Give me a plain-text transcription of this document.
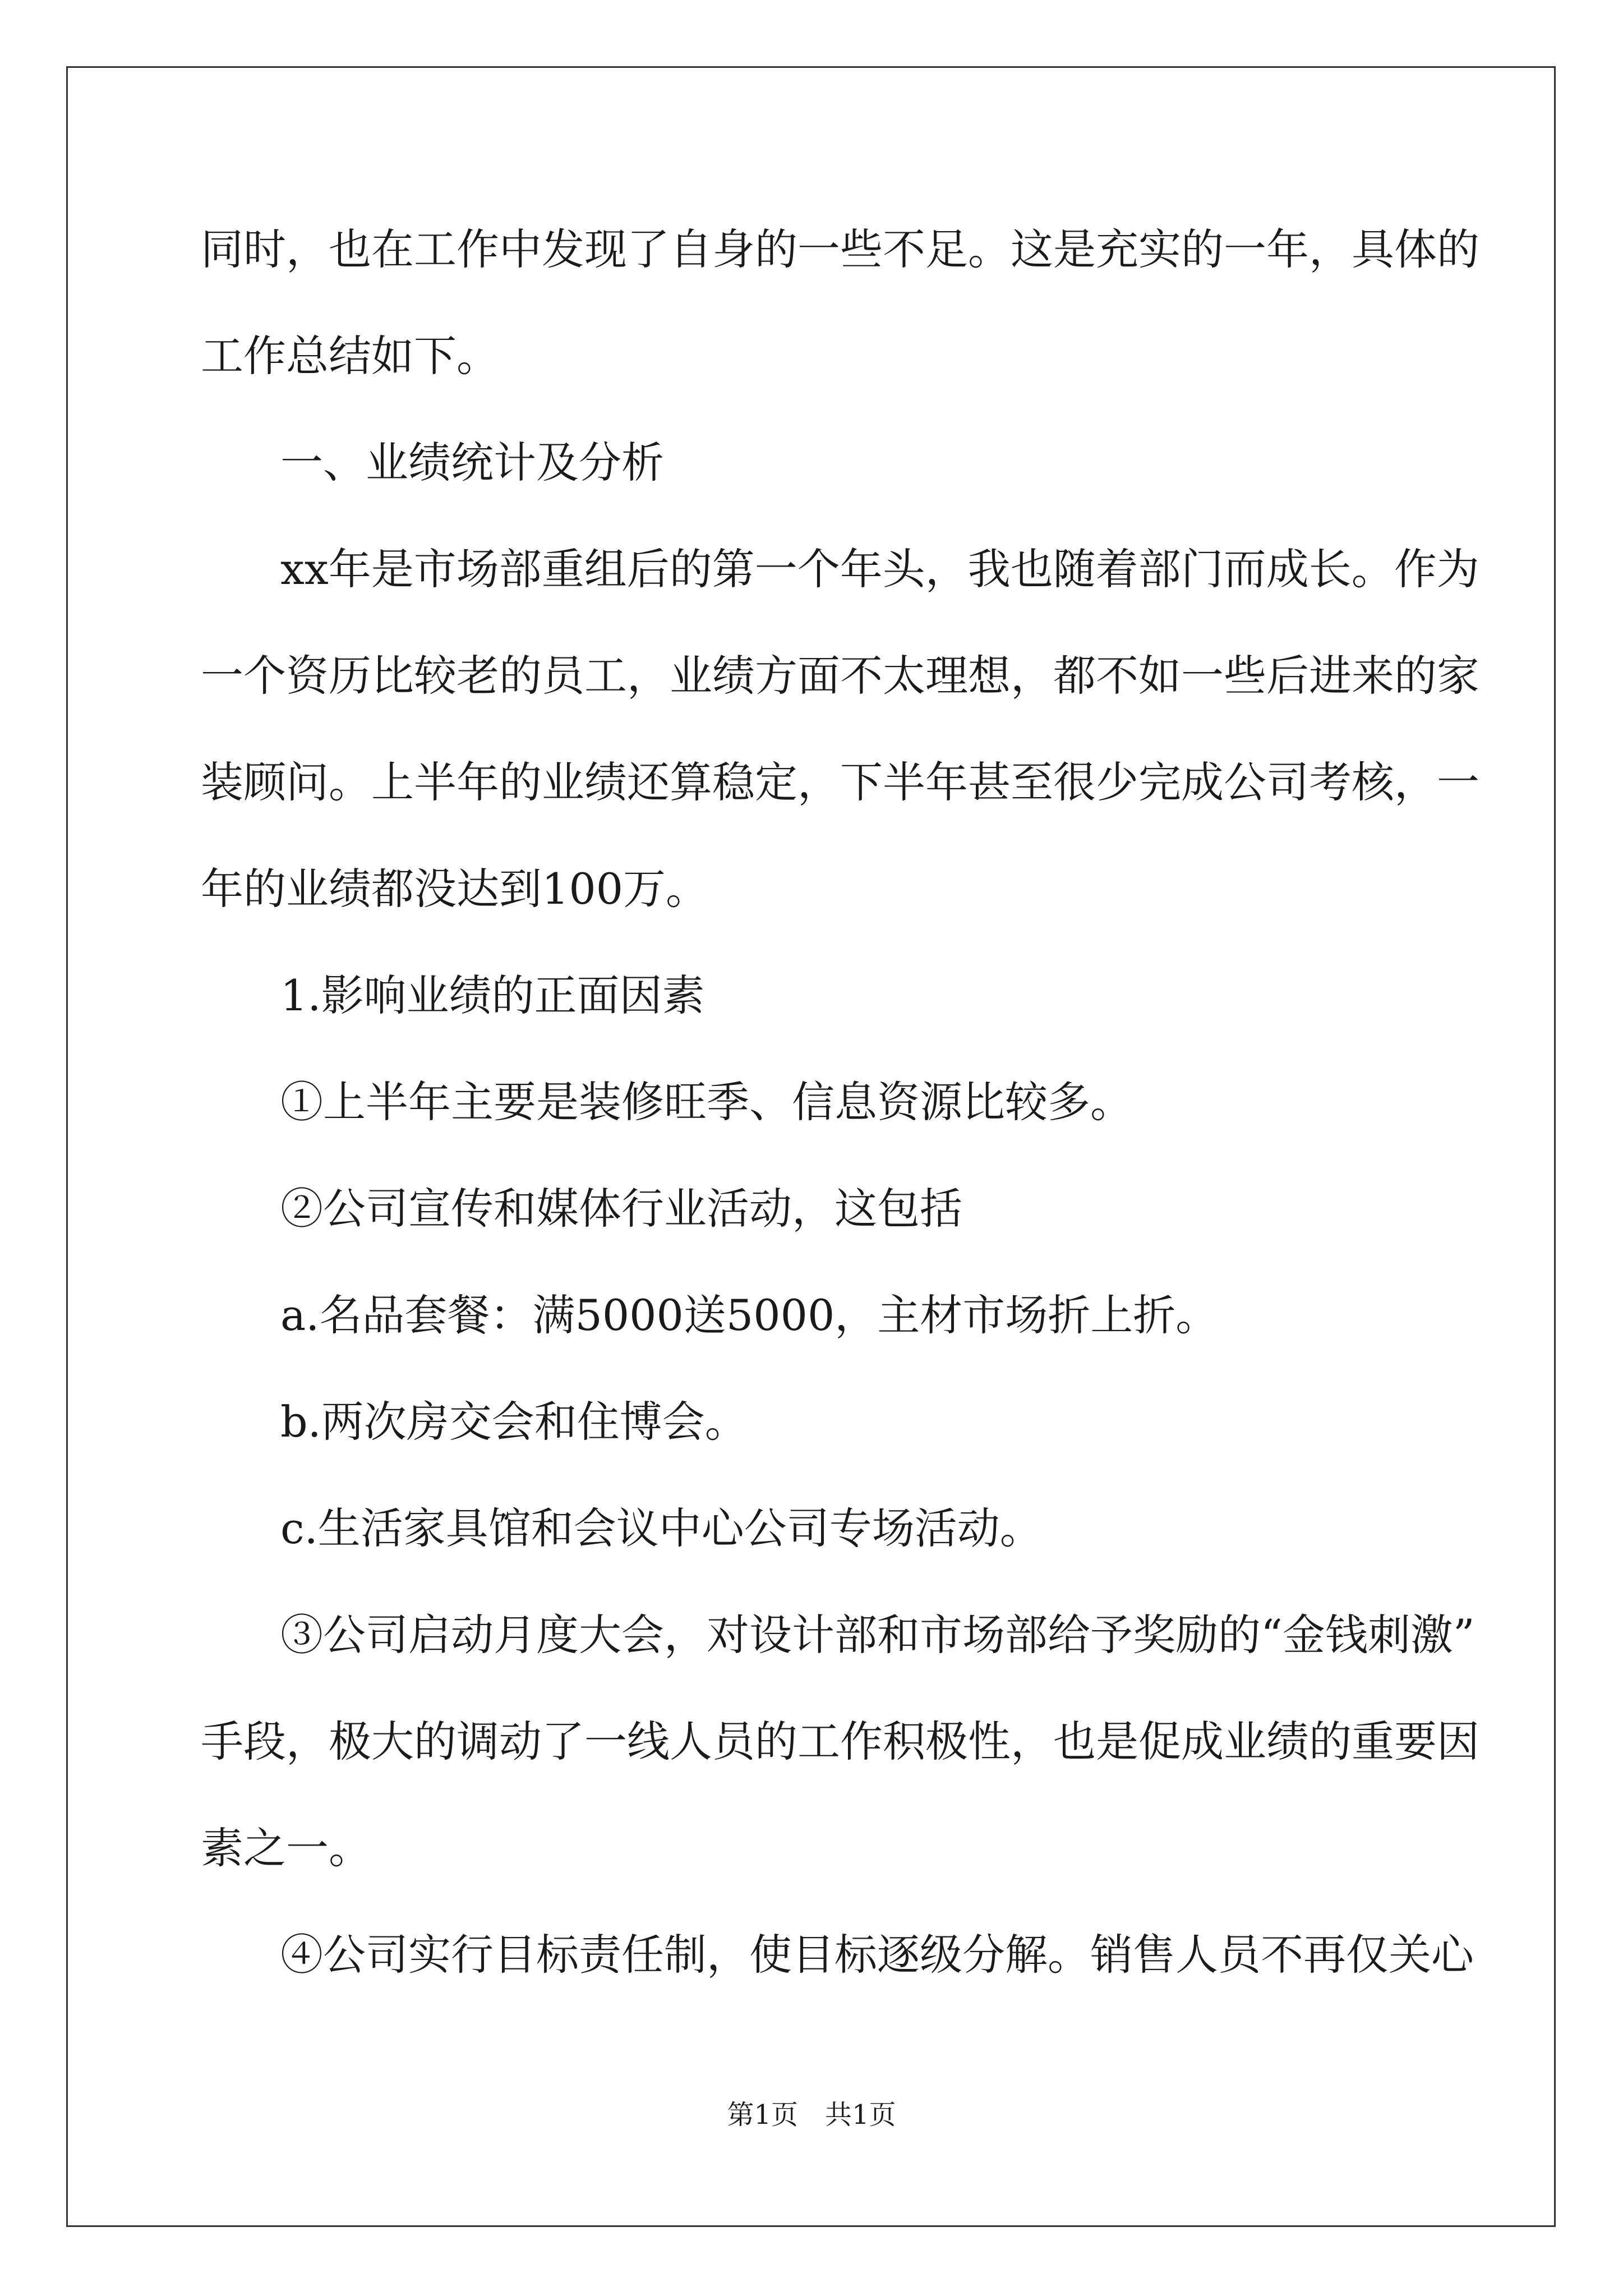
同时，也在工作中发现了自身的一些不足。这是充实的一年，具体的
工作总结如下。
一、业绩统计及分析
xx年是市场部重组后的第一个年头，我也随着部门而成长。作为
一个资历比较老的员工，业绩方面不太理想，都不如一些后进来的家
装顾问。上半年的业绩还算稳定，下半年甚至很少完成公司考核，一
年的业绩都没达到100万。
1.影响业绩的正面因素
①上半年主要是装修旺季、信息资源比较多。
②公司宣传和媒体行业活动，这包括
a.名品套餐：满5000送5000，主材市场折上折。
b.两次房交会和住博会。
c.生活家具馆和会议中心公司专场活动。
③公司启动月度大会，对设计部和市场部给予奖励的“金钱刺激”
手段，极大的调动了一线人员的工作积极性，也是促成业绩的重要因
素之一。
④公司实行目标责任制，使目标逐级分解。销售人员不再仅关心
第1页　共1页
